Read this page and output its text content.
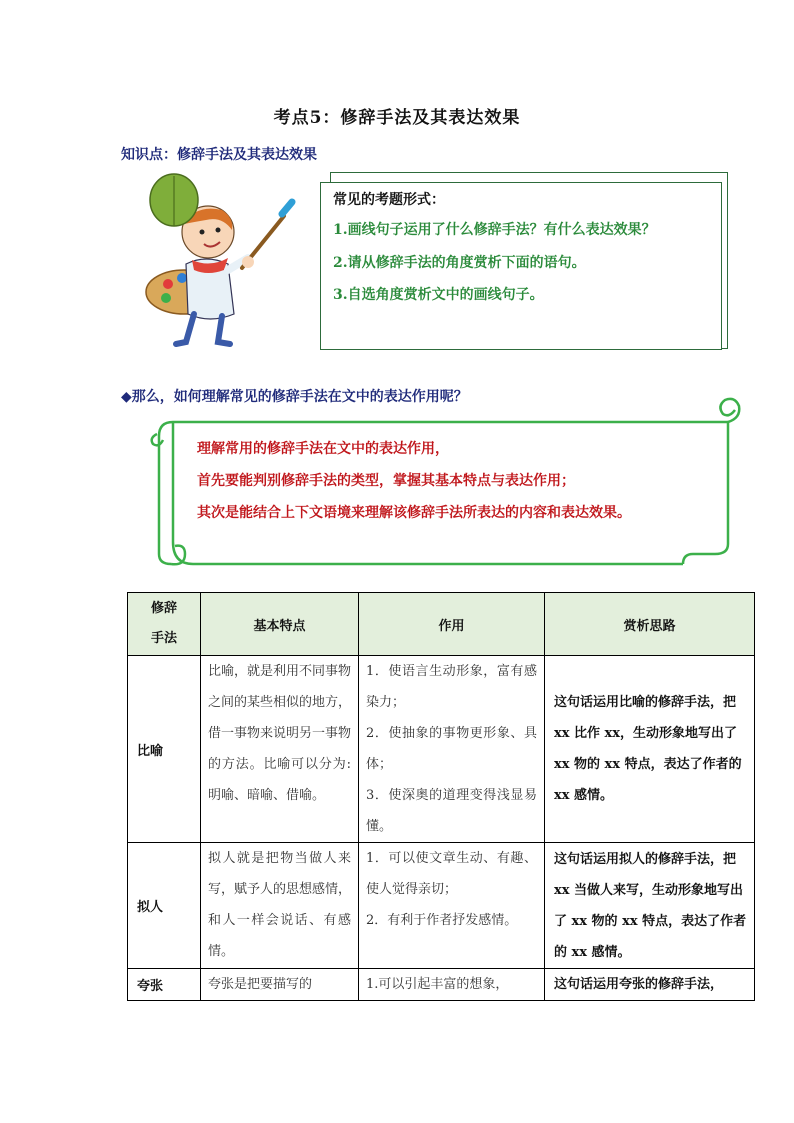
考点5：修辞手法及其表达效果
知识点：修辞手法及其表达效果
常见的考题形式：
1.画线句子运用了什么修辞手法？有什么表达效果？
2.请从修辞手法的角度赏析下面的语句。
3.自选角度赏析文中的画线句子。
◆那么，如何理解常见的修辞手法在文中的表达作用呢？
理解常用的修辞手法在文中的表达作用，
首先要能判别修辞手法的类型，掌握其基本特点与表达作用；
其次是能结合上下文语境来理解该修辞手法所表达的内容和表达效果。
修辞
手法	基本特点	作用	赏析思路
比喻	比喻，就是利用不同事物之间的某些相似的地方，借一事物来说明另一事物的方法。比喻可以分为:明喻、暗喻、借喻。	1．使语言生动形象，富有感染力；
2．使抽象的事物更形象、具体；
3．使深奥的道理变得浅显易懂。	这句话运用比喻的修辞手法，把 xx 比作 xx，生动形象地写出了 xx 物的 xx 特点，表达了作者的 xx 感情。
拟人	拟人就是把物当做人来写，赋予人的思想感情，和人一样会说话、有感情。	1．可以使文章生动、有趣、使人觉得亲切；
2．有利于作者抒发感情。	这句话运用拟人的修辞手法，把 xx 当做人来写，生动形象地写出了 xx 物的 xx 特点，表达了作者的 xx 感情。
夸张	夸张是把要描写的	1.可以引起丰富的想象，	这句话运用夸张的修辞手法，
